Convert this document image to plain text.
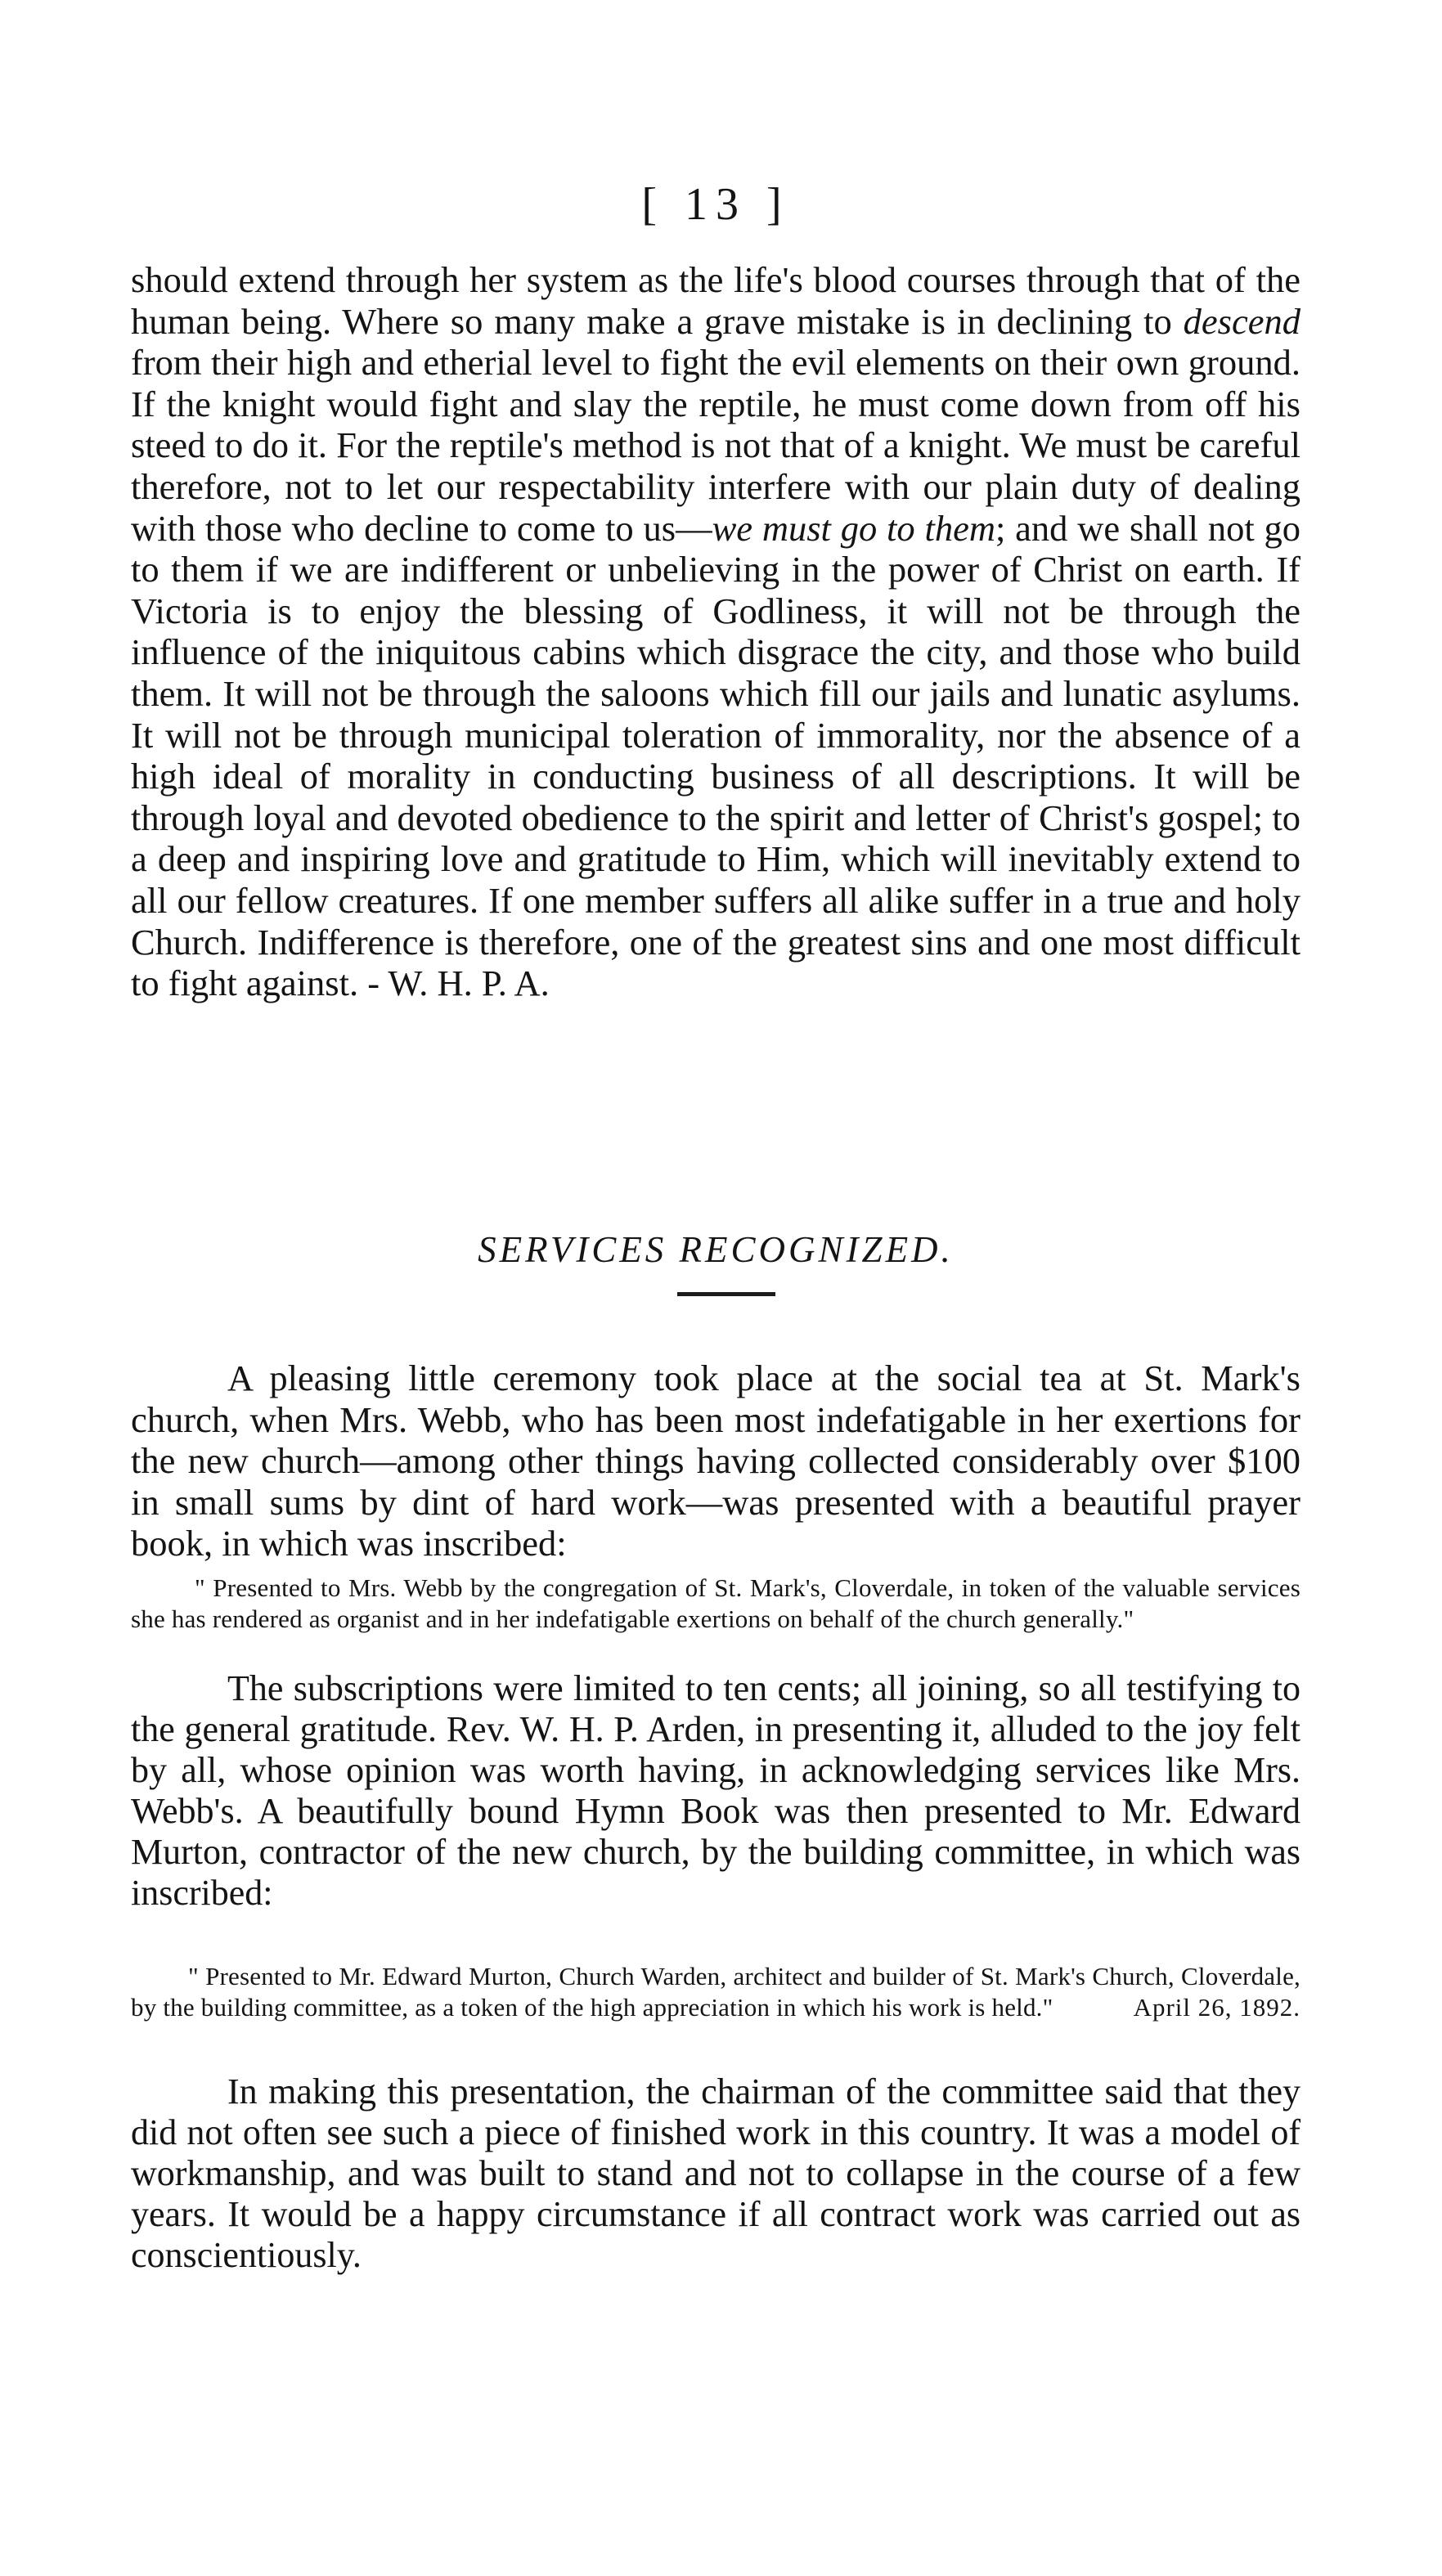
[ 13 ]

should extend through her system as the life's blood courses through that of the human being. Where so many make a grave mistake is in declining to descend from their high and etherial level to fight the evil elements on their own ground. If the knight would fight and slay the reptile, he must come down from off his steed to do it. For the reptile's method is not that of a knight. We must be careful therefore, not to let our respectability interfere with our plain duty of dealing with those who decline to come to us—we must go to them; and we shall not go to them if we are indifferent or unbelieving in the power of Christ on earth. If Victoria is to enjoy the blessing of Godliness, it will not be through the influence of the iniquitous cabins which disgrace the city, and those who build them. It will not be through the saloons which fill our jails and lunatic asylums. It will not be through municipal toleration of immorality, nor the absence of a high ideal of morality in conducting business of all descriptions. It will be through loyal and devoted obedience to the spirit and letter of Christ's gospel; to a deep and inspiring love and gratitude to Him, which will inevitably extend to all our fellow creatures. If one member suffers all alike suffer in a true and holy Church. Indifference is therefore, one of the greatest sins and one most difficult to fight against. - W. H. P. A.

SERVICES RECOGNIZED.

A pleasing little ceremony took place at the social tea at St. Mark's church, when Mrs. Webb, who has been most indefatigable in her exertions for the new church—among other things having collected considerably over $100 in small sums by dint of hard work—was presented with a beautiful prayer book, in which was inscribed:

" Presented to Mrs. Webb by the congregation of St. Mark's, Cloverdale, in token of the valuable services she has rendered as organist and in her indefatigable exertions on behalf of the church generally."

The subscriptions were limited to ten cents; all joining, so all testifying to the general gratitude. Rev. W. H. P. Arden, in presenting it, alluded to the joy felt by all, whose opinion was worth having, in acknowledging services like Mrs. Webb's. A beautifully bound Hymn Book was then presented to Mr. Edward Murton, contractor of the new church, by the building committee, in which was inscribed:

" Presented to Mr. Edward Murton, Church Warden, architect and builder of St. Mark's Church, Cloverdale, by the building committee, as a token of the high appreciation in which his work is held."	April 26, 1892.

In making this presentation, the chairman of the committee said that they did not often see such a piece of finished work in this country. It was a model of workmanship, and was built to stand and not to collapse in the course of a few years. It would be a happy circumstance if all contract work was carried out as conscientiously.
